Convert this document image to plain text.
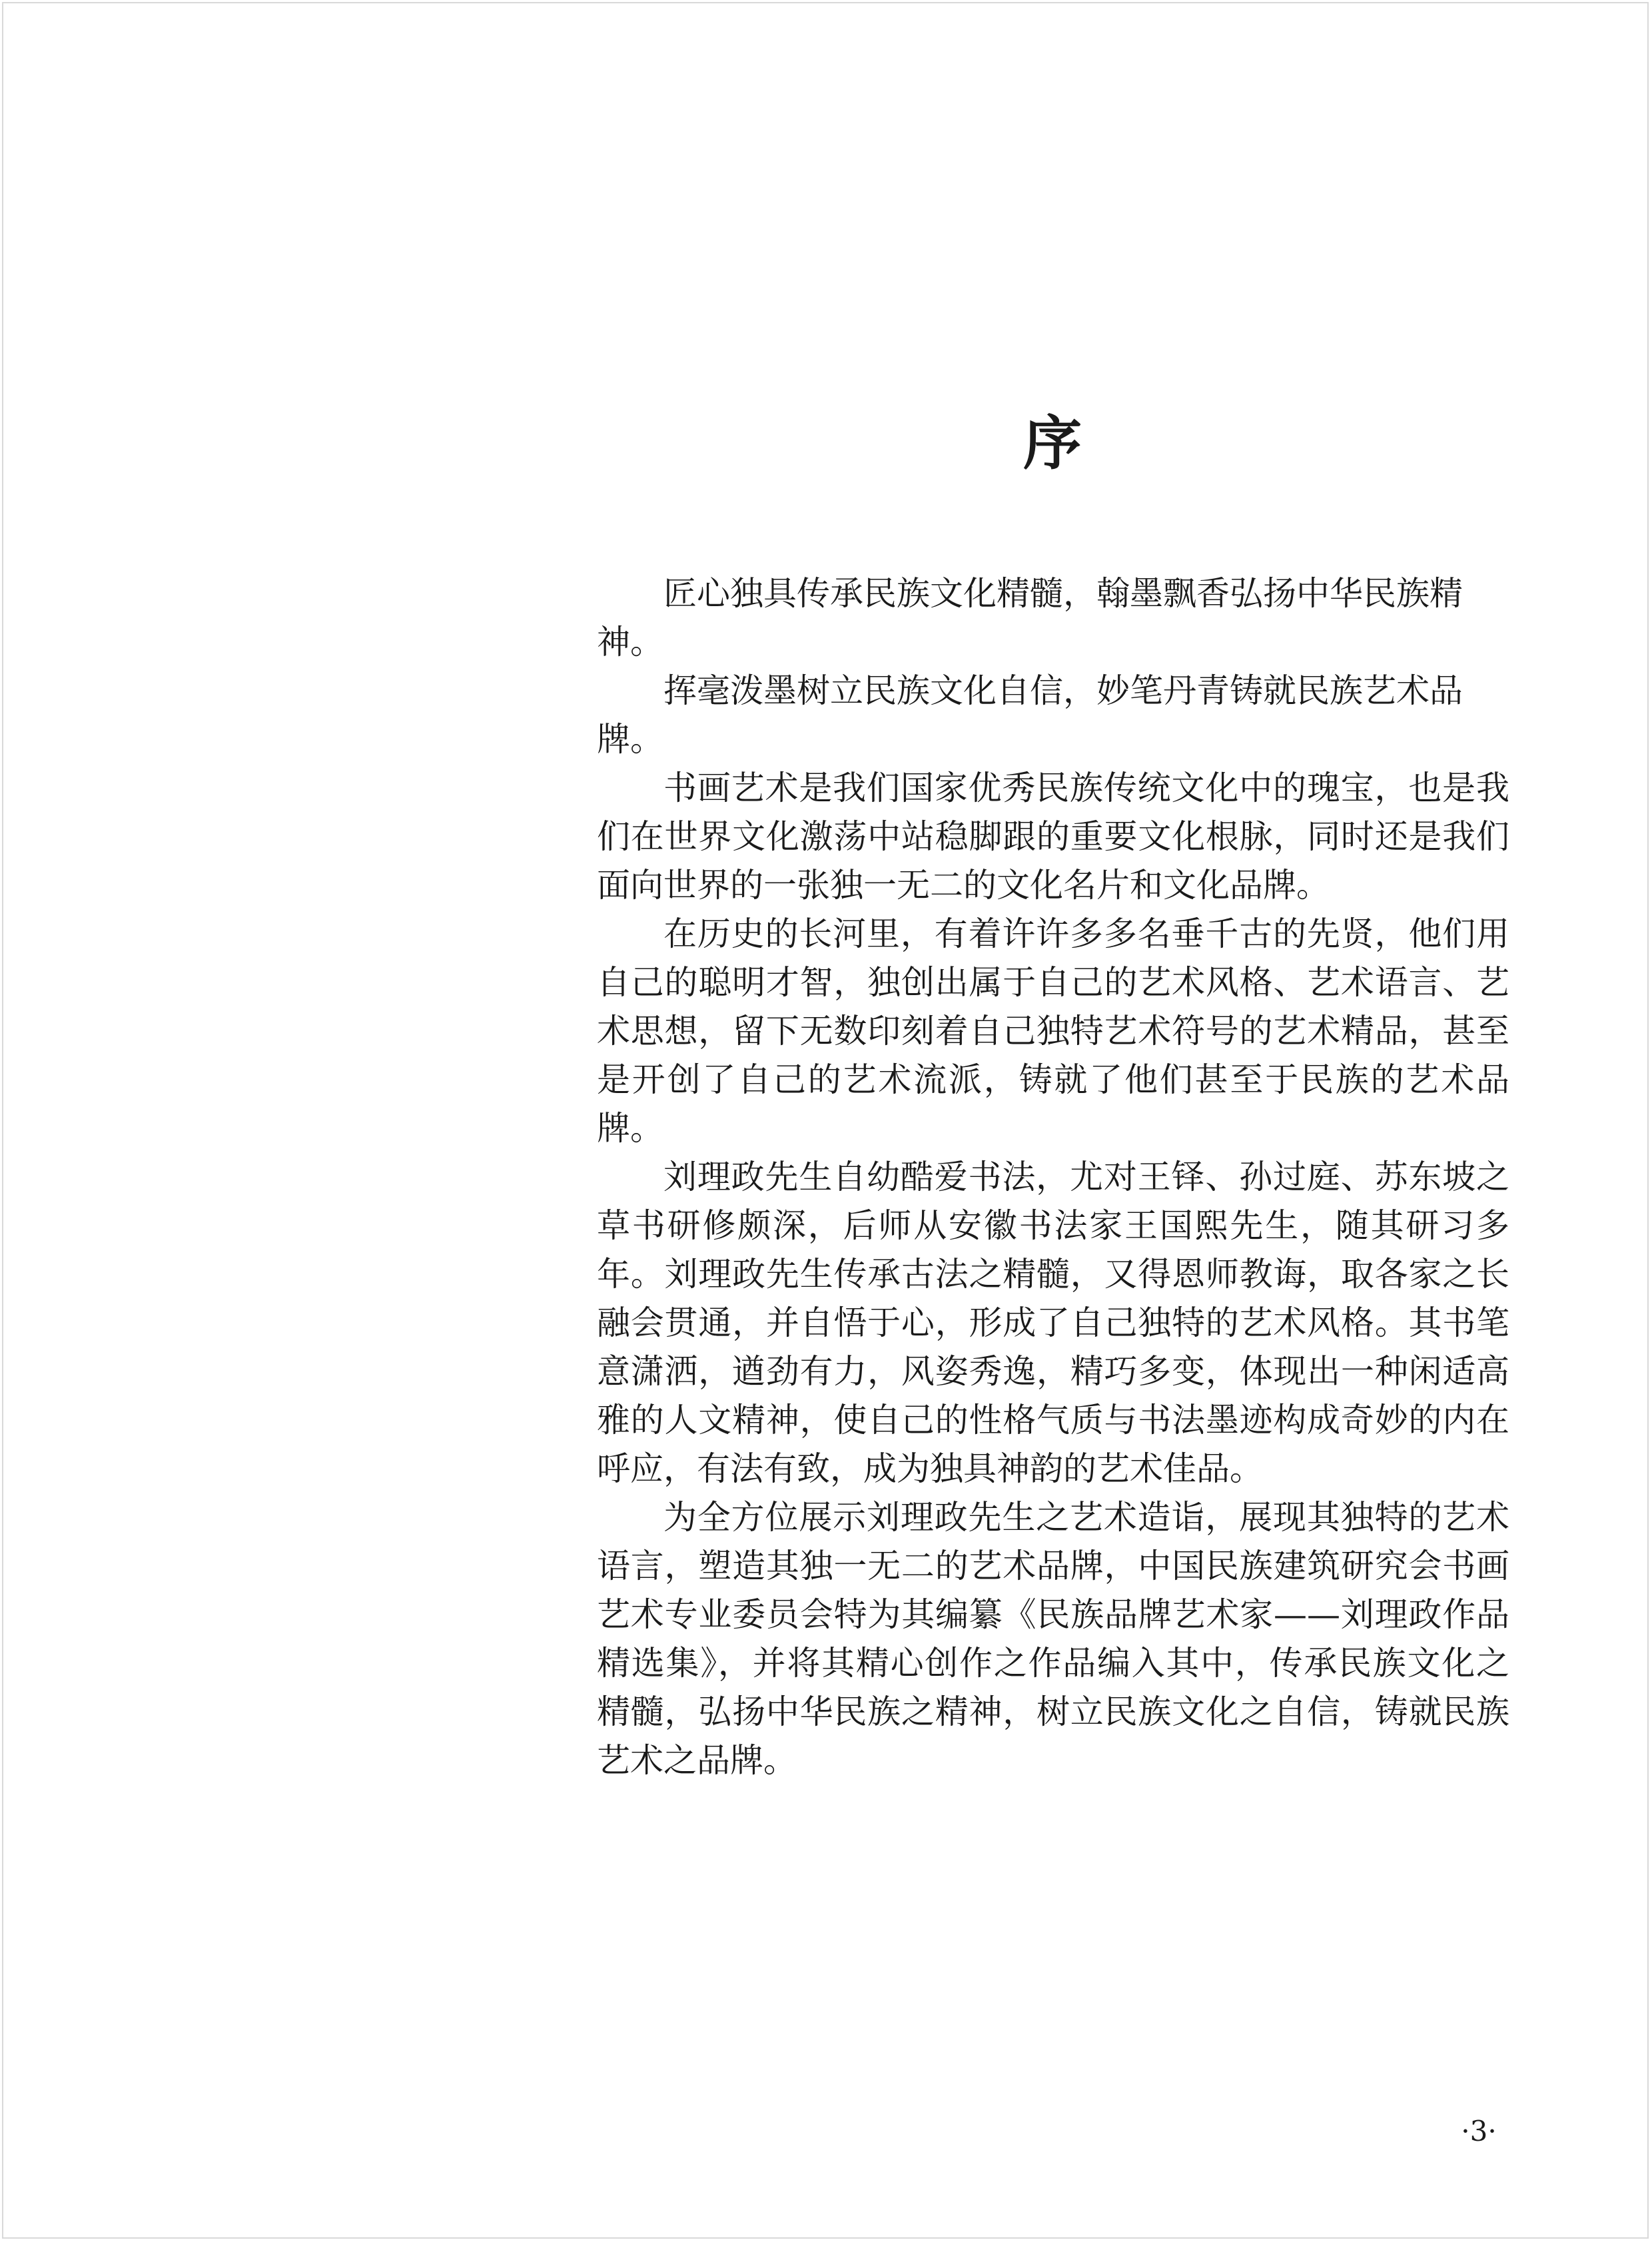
序

匠心独具传承民族文化精髓，翰墨飘香弘扬中华民族精神。

挥毫泼墨树立民族文化自信，妙笔丹青铸就民族艺术品牌。

书画艺术是我们国家优秀民族传统文化中的瑰宝，也是我们在世界文化激荡中站稳脚跟的重要文化根脉，同时还是我们面向世界的一张独一无二的文化名片和文化品牌。

在历史的长河里，有着许许多多名垂千古的先贤，他们用自己的聪明才智，独创出属于自己的艺术风格、艺术语言、艺术思想，留下无数印刻着自己独特艺术符号的艺术精品，甚至是开创了自己的艺术流派，铸就了他们甚至于民族的艺术品牌。

刘理政先生自幼酷爱书法，尤对王铎、孙过庭、苏东坡之草书研修颇深，后师从安徽书法家王国熙先生，随其研习多年。刘理政先生传承古法之精髓，又得恩师教诲，取各家之长融会贯通，并自悟于心，形成了自己独特的艺术风格。其书笔意潇洒，遒劲有力，风姿秀逸，精巧多变，体现出一种闲适高雅的人文精神，使自己的性格气质与书法墨迹构成奇妙的内在呼应，有法有致，成为独具神韵的艺术佳品。

为全方位展示刘理政先生之艺术造诣，展现其独特的艺术语言，塑造其独一无二的艺术品牌，中国民族建筑研究会书画艺术专业委员会特为其编纂《民族品牌艺术家——刘理政作品精选集》，并将其精心创作之作品编入其中，传承民族文化之精髓，弘扬中华民族之精神，树立民族文化之自信，铸就民族艺术之品牌。

·3·
